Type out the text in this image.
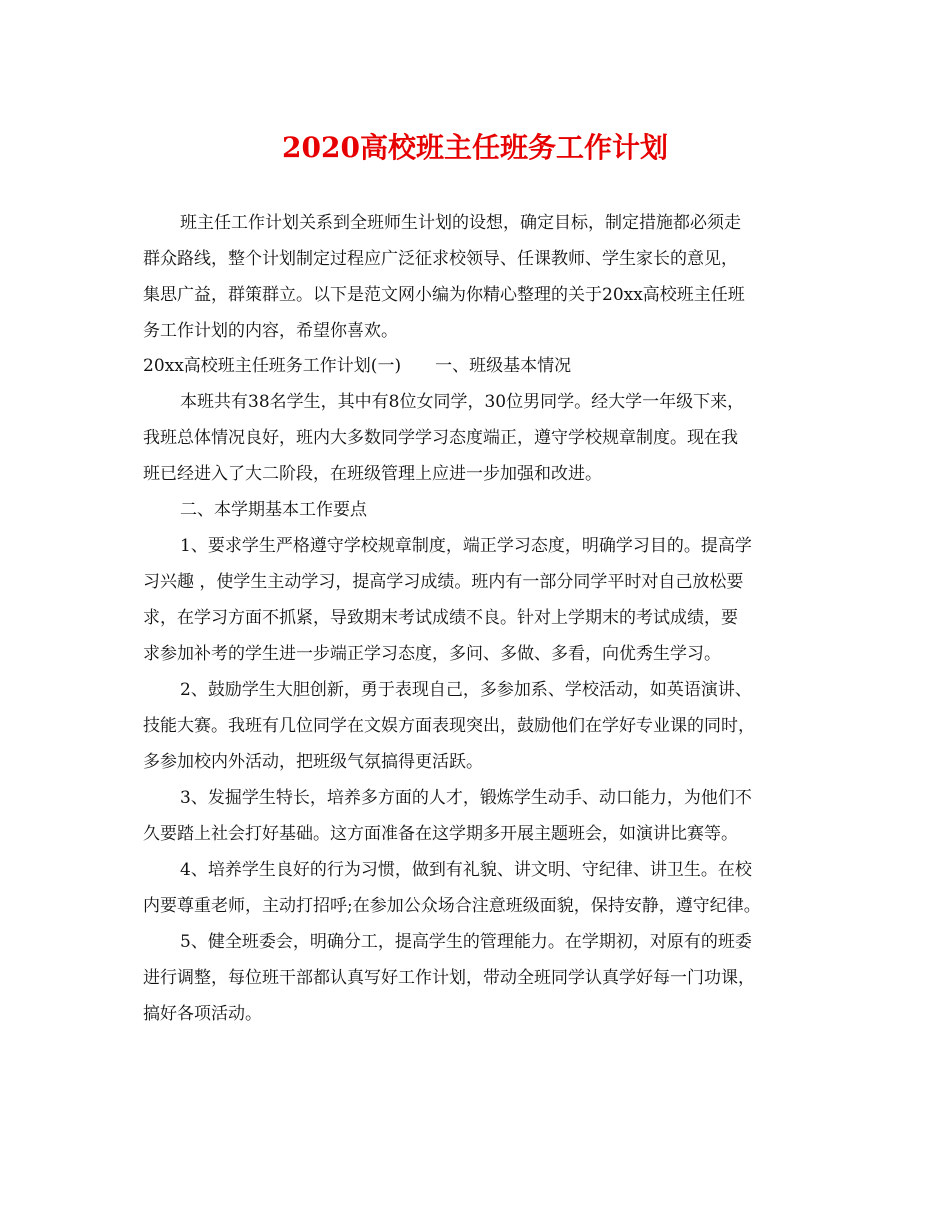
2020高校班主任班务工作计划
班主任工作计划关系到全班师生计划的设想，确定目标，制定措施都必须走
群众路线，整个计划制定过程应广泛征求校领导、任课教师、学生家长的意见，
集思广益，群策群立。以下是范文网小编为你精心整理的关于20xx高校班主任班
务工作计划的内容，希望你喜欢。
20xx高校班主任班务工作计划(一)　　一、班级基本情况
本班共有38名学生，其中有8位女同学，30位男同学。经大学一年级下来，
我班总体情况良好，班内大多数同学学习态度端正，遵守学校规章制度。现在我
班已经进入了大二阶段，在班级管理上应进一步加强和改进。
二、本学期基本工作要点
1、要求学生严格遵守学校规章制度，端正学习态度，明确学习目的。提高学
习兴趣 ，使学生主动学习，提高学习成绩。班内有一部分同学平时对自己放松要
求，在学习方面不抓紧，导致期末考试成绩不良。针对上学期末的考试成绩，要
求参加补考的学生进一步端正学习态度，多问、多做、多看，向优秀生学习。
2、鼓励学生大胆创新，勇于表现自己，多参加系、学校活动，如英语演讲、
技能大赛。我班有几位同学在文娱方面表现突出，鼓励他们在学好专业课的同时，
多参加校内外活动，把班级气氛搞得更活跃。
3、发掘学生特长，培养多方面的人才，锻炼学生动手、动口能力，为他们不
久要踏上社会打好基础。这方面准备在这学期多开展主题班会，如演讲比赛等。
4、培养学生良好的行为习惯，做到有礼貌、讲文明、守纪律、讲卫生。在校
内要尊重老师，主动打招呼;在参加公众场合注意班级面貌，保持安静，遵守纪律。
5、健全班委会，明确分工，提高学生的管理能力。在学期初，对原有的班委
进行调整，每位班干部都认真写好工作计划，带动全班同学认真学好每一门功课，
搞好各项活动。
